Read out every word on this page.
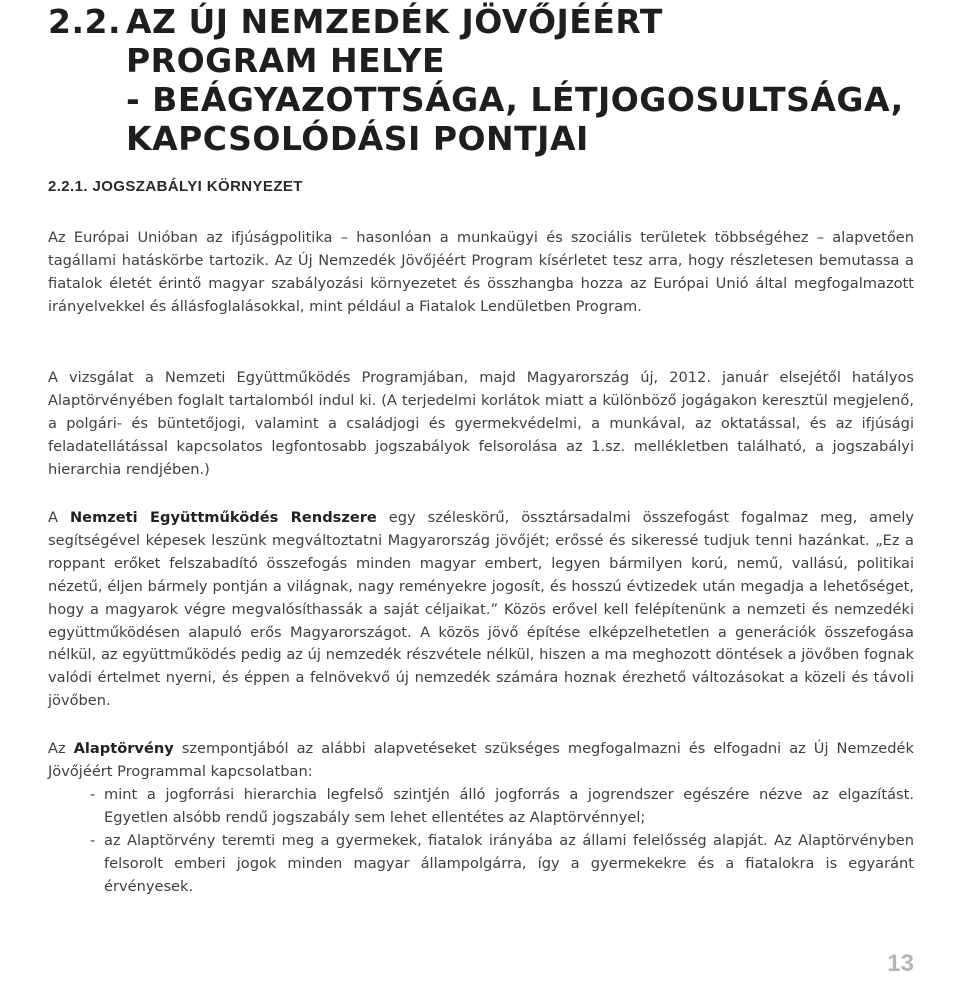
2.2. AZ ÚJ NEMZEDÉK JÖVŐJÉÉRT
PROGRAM HELYE
- BEÁGYAZOTTSÁGA, LÉTJOGOSULTSÁGA,
KAPCSOLÓDÁSI PONTJAI
2.2.1. JOGSZABÁLYI KÖRNYEZET

Az Európai Unióban az ifjúságpolitika – hasonlóan a munkaügyi és szociális területek többségéhez – alapvetően tagállami hatáskörbe tartozik. Az Új Nemzedék Jövőjéért Program kísérletet tesz arra, hogy részletesen bemutassa a fiatalok életét érintő magyar szabályozási környezetet és összhangba hozza az Európai Unió által megfogalmazott irányelvekkel és állásfoglalásokkal, mint például a Fiatalok Lendületben Program.

A vizsgálat a Nemzeti Együttműködés Programjában, majd Magyarország új, 2012. január elsejétől hatályos Alaptörvényében foglalt tartalomból indul ki. (A terjedelmi korlátok miatt a különböző jogágakon keresztül megjelenő, a polgári- és büntetőjogi, valamint a családjogi és gyermekvédelmi, a munkával, az oktatással, és az ifjúsági feladatellátással kapcsolatos legfontosabb jogszabályok felsorolása az 1.sz. mellékletben található, a jogszabályi hierarchia rendjében.)

A Nemzeti Együttműködés Rendszere egy széleskörű, össztársadalmi összefogást fogalmaz meg, amely segítségével képesek leszünk megváltoztatni Magyarország jövőjét; erőssé és sikeressé tudjuk tenni hazánkat. „Ez a roppant erőket felszabadító összefogás minden magyar embert, legyen bármilyen korú, nemű, vallású, politikai nézetű, éljen bármely pontján a világnak, nagy reményekre jogosít, és hosszú évtizedek után megadja a lehetőséget, hogy a magyarok végre megvalósíthassák a saját céljaikat.” Közös erővel kell felépítenünk a nemzeti és nemzedéki együttműködésen alapuló erős Magyarországot. A közös jövő építése elképzelhetetlen a generációk összefogása nélkül, az együttműködés pedig az új nemzedék részvétele nélkül, hiszen a ma meghozott döntések a jövőben fognak valódi értelmet nyerni, és éppen a felnövekvő új nemzedék számára hoznak érezhető változásokat a közeli és távoli jövőben.

Az Alaptörvény szempontjából az alábbi alapvetéseket szükséges megfogalmazni és elfogadni az Új Nemzedék Jövőjéért Programmal kapcsolatban:

- mint a jogforrási hierarchia legfelső szintjén álló jogforrás a jogrendszer egészére nézve az elgazítást. Egyetlen alsóbb rendű jogszabály sem lehet ellentétes az Alaptörvénnyel;
- az Alaptörvény teremti meg a gyermekek, fiatalok irányába az állami felelősség alapját. Az Alaptörvényben felsorolt emberi jogok minden magyar állampolgárra, így a gyermekekre és a fiatalokra is egyaránt érvényesek.
13
